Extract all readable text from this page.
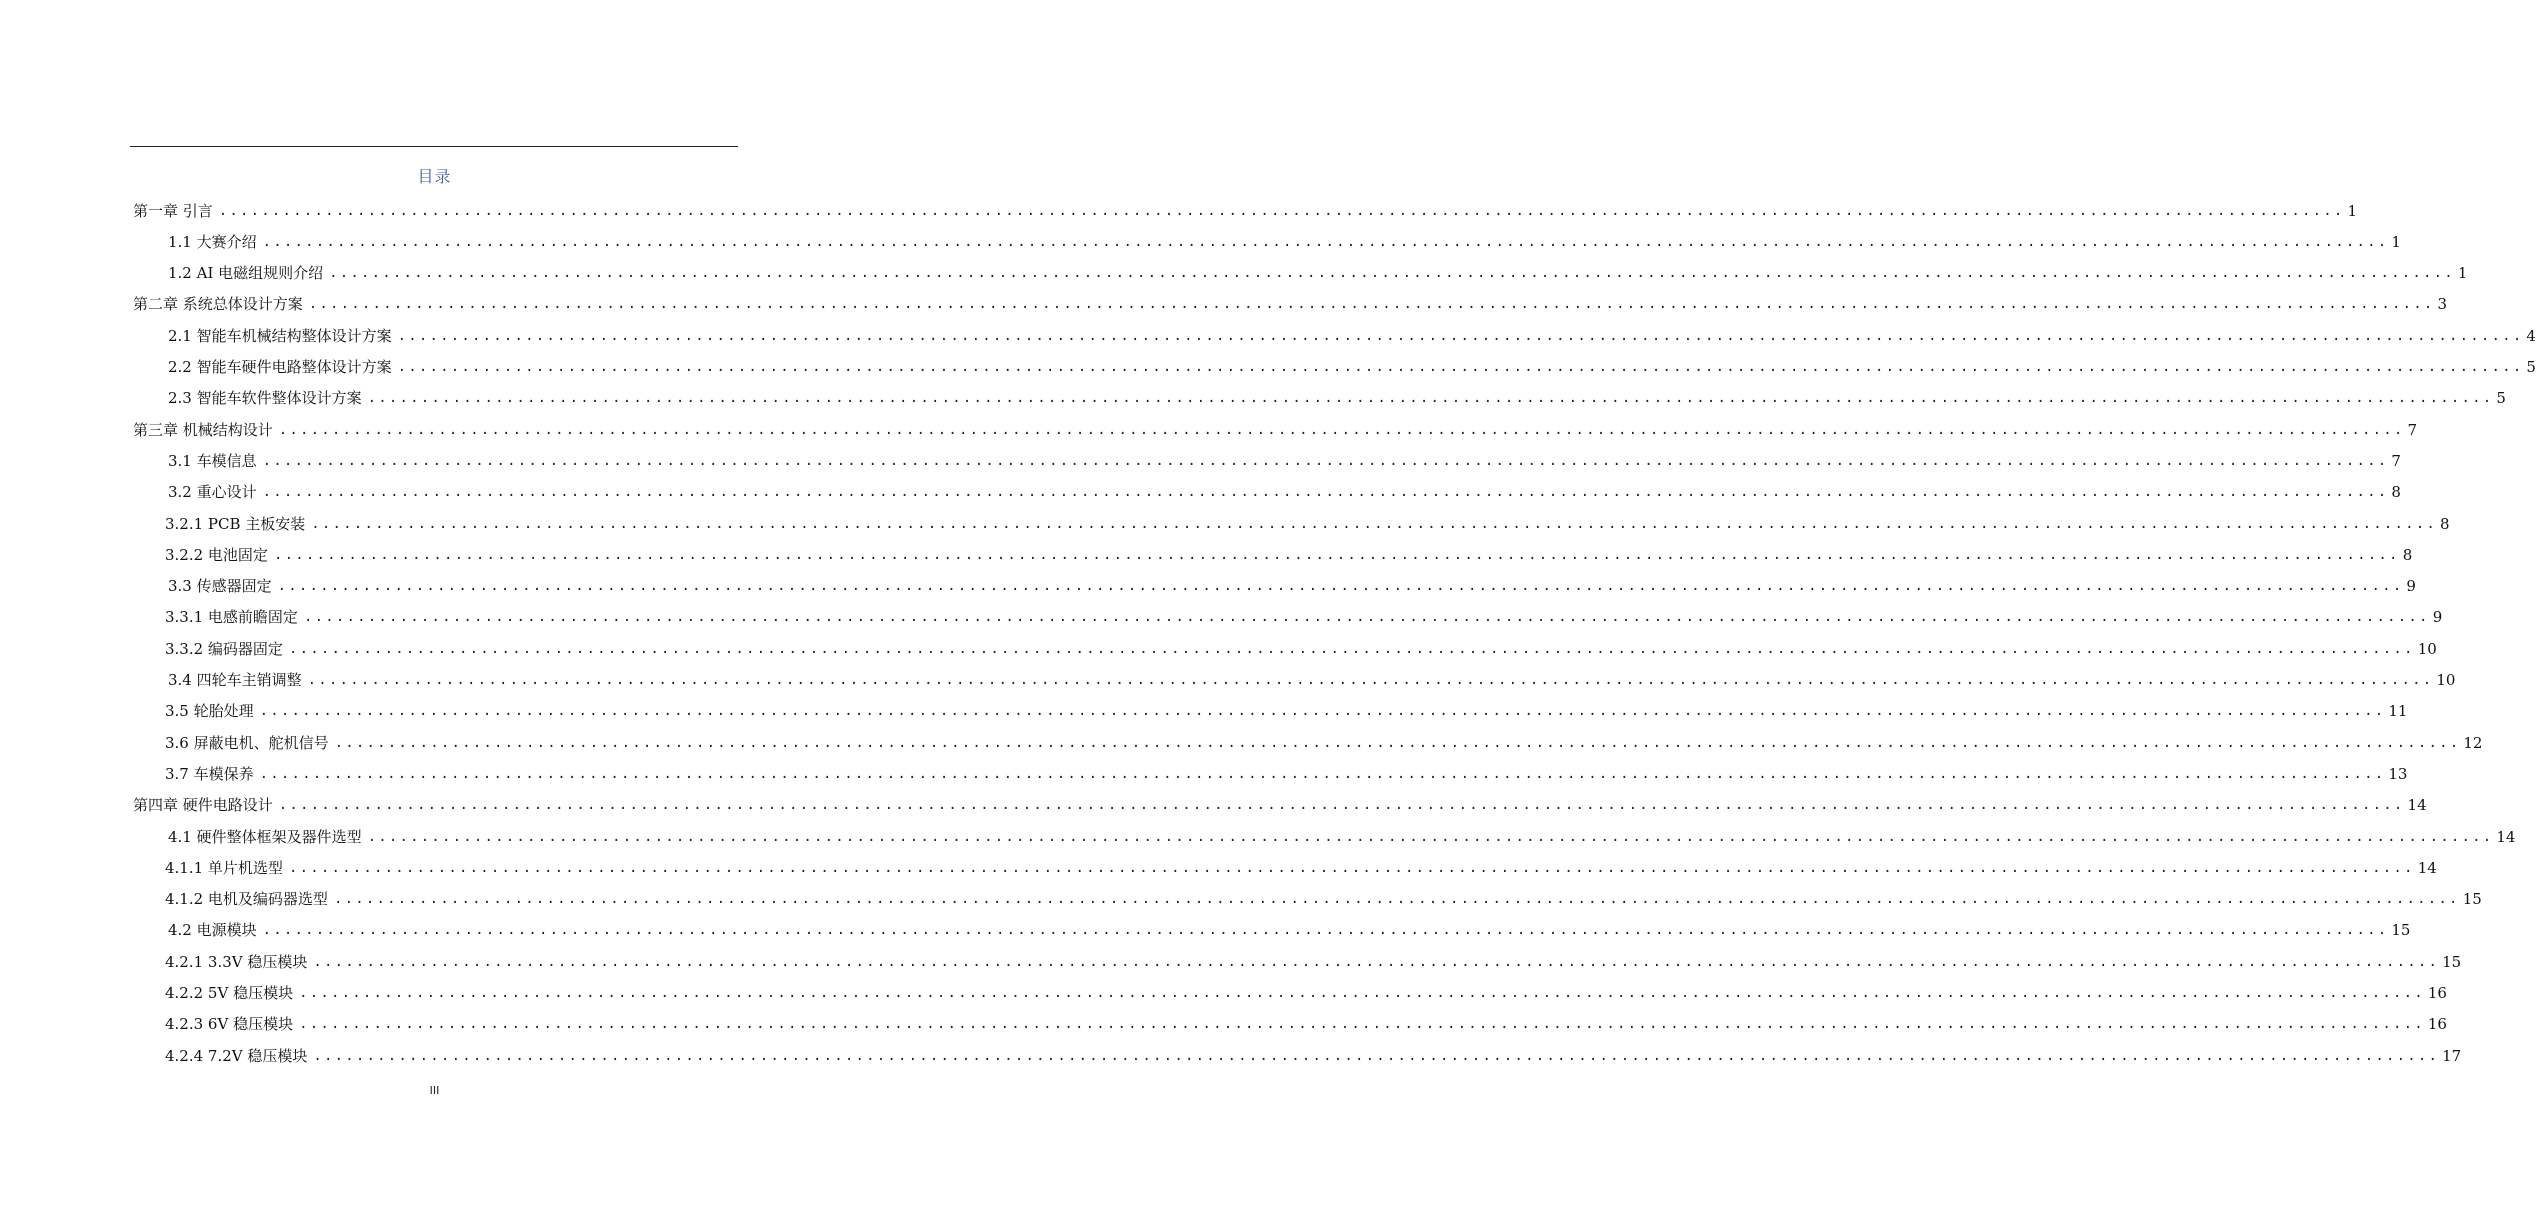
目录
第一章 引言 ........................................................................................................................................................................................................ 1
1.1 大赛介绍 ........................................................................................................................................................................................................ 1
1.2 AI 电磁组规则介绍 ........................................................................................................................................................................................................ 1
第二章 系统总体设计方案 ........................................................................................................................................................................................................ 3
2.1 智能车机械结构整体设计方案 ........................................................................................................................................................................................................ 4
2.2 智能车硬件电路整体设计方案 ........................................................................................................................................................................................................ 5
2.3 智能车软件整体设计方案 ........................................................................................................................................................................................................ 5
第三章 机械结构设计 ........................................................................................................................................................................................................ 7
3.1 车模信息 ........................................................................................................................................................................................................ 7
3.2 重心设计 ........................................................................................................................................................................................................ 8
3.2.1 PCB 主板安装 ........................................................................................................................................................................................................ 8
3.2.2 电池固定 ........................................................................................................................................................................................................ 8
3.3 传感器固定 ........................................................................................................................................................................................................ 9
3.3.1 电感前瞻固定 ........................................................................................................................................................................................................ 9
3.3.2 编码器固定 ........................................................................................................................................................................................................ 10
3.4 四轮车主销调整 ........................................................................................................................................................................................................ 10
3.5 轮胎处理 ........................................................................................................................................................................................................ 11
3.6 屏蔽电机、舵机信号 ........................................................................................................................................................................................................ 12
3.7 车模保养 ........................................................................................................................................................................................................ 13
第四章 硬件电路设计 ........................................................................................................................................................................................................ 14
4.1 硬件整体框架及器件选型 ........................................................................................................................................................................................................ 14
4.1.1 单片机选型 ........................................................................................................................................................................................................ 14
4.1.2 电机及编码器选型 ........................................................................................................................................................................................................ 15
4.2 电源模块 ........................................................................................................................................................................................................ 15
4.2.1 3.3V 稳压模块 ........................................................................................................................................................................................................ 15
4.2.2 5V 稳压模块 ........................................................................................................................................................................................................ 16
4.2.3 6V 稳压模块 ........................................................................................................................................................................................................ 16
4.2.4 7.2V 稳压模块 ........................................................................................................................................................................................................ 17
III
